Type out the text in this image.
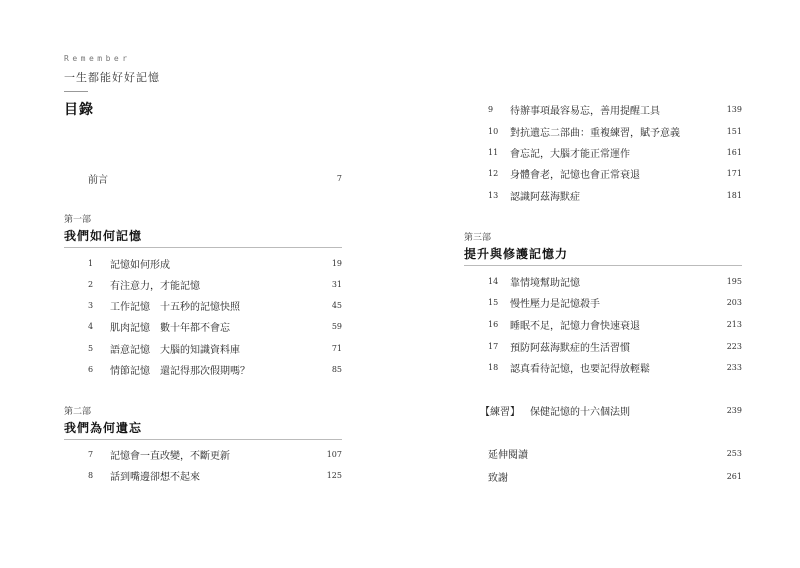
Remember
一生都能好好記憶
目錄
前言	7
第一部
我們如何記憶
1	記憶如何形成	19
2	有注意力，才能記憶	31
3	工作記憶　十五秒的記憶快照	45
4	肌肉記憶　數十年都不會忘	59
5	語意記憶　大腦的知識資料庫	71
6	情節記憶　還記得那次假期嗎？	85
第二部
我們為何遺忘
7	記憶會一直改變，不斷更新	107
8	話到嘴邊卻想不起來	125
9	待辦事項最容易忘，善用提醒工具	139
10	對抗遺忘二部曲：重複練習，賦予意義	151
11	會忘記，大腦才能正常運作	161
12	身體會老，記憶也會正常衰退	171
13	認識阿茲海默症	181
第三部
提升與修護記憶力
14	靠情境幫助記憶	195
15	慢性壓力是記憶殺手	203
16	睡眠不足，記憶力會快速衰退	213
17	預防阿茲海默症的生活習慣	223
18	認真看待記憶，也要記得放輕鬆	233
【練習】 保健記憶的十六個法則	239
延伸閱讀	253
致謝	261
